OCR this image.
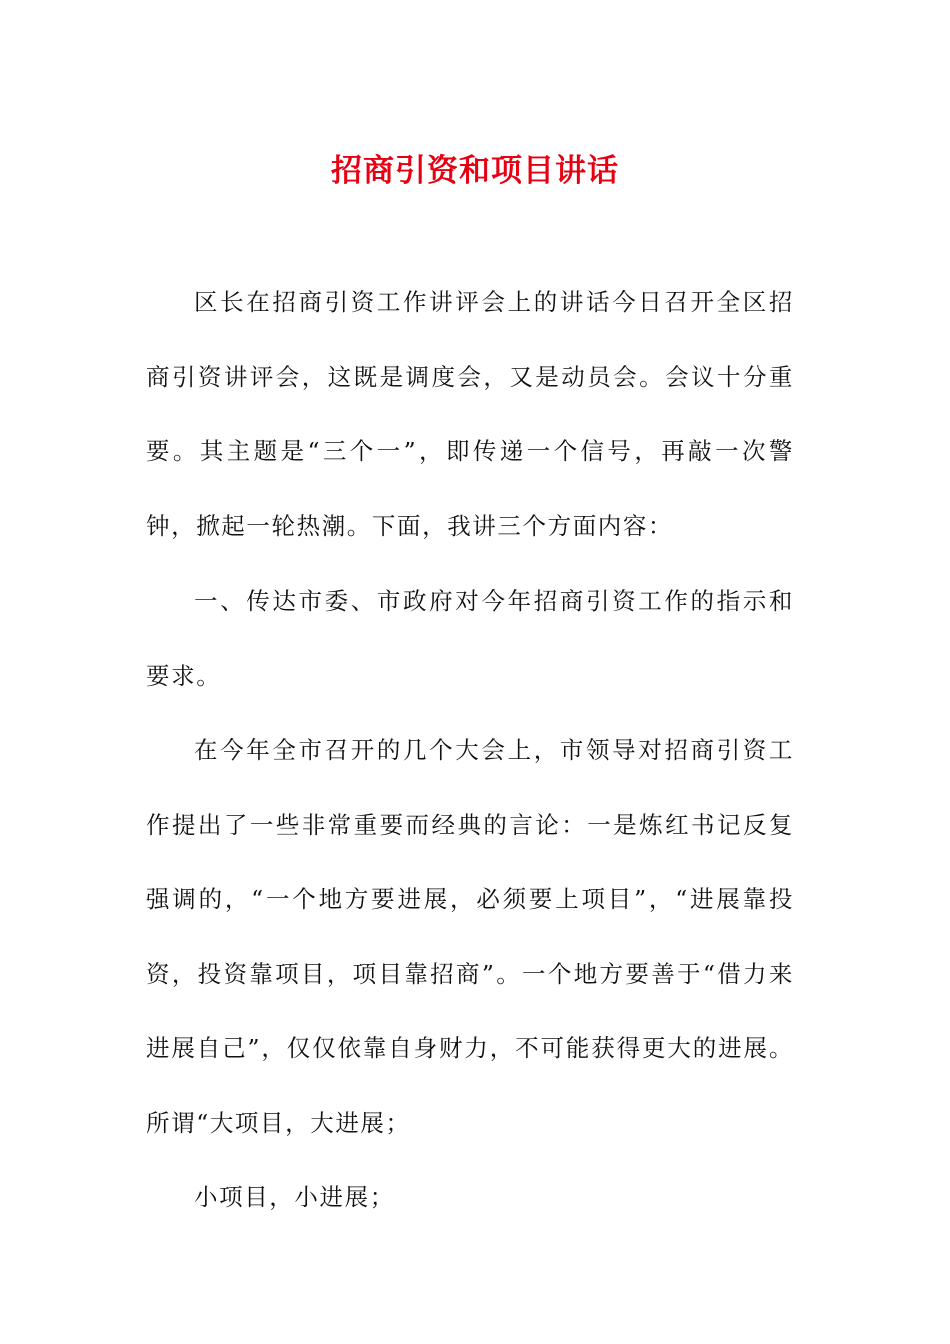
招商引资和项目讲话

区长在招商引资工作讲评会上的讲话今日召开全区招商引资讲评会，这既是调度会，又是动员会。会议十分重要。其主题是“三个一”，即传递一个信号，再敲一次警钟，掀起一轮热潮。下面，我讲三个方面内容：

一、传达市委、市政府对今年招商引资工作的指示和要求。

在今年全市召开的几个大会上，市领导对招商引资工作提出了一些非常重要而经典的言论：一是炼红书记反复强调的，“一个地方要进展，必须要上项目”，“进展靠投资，投资靠项目，项目靠招商”。一个地方要善于“借力来进展自己”，仅仅依靠自身财力，不可能获得更大的进展。所谓“大项目，大进展；

小项目，小进展；
